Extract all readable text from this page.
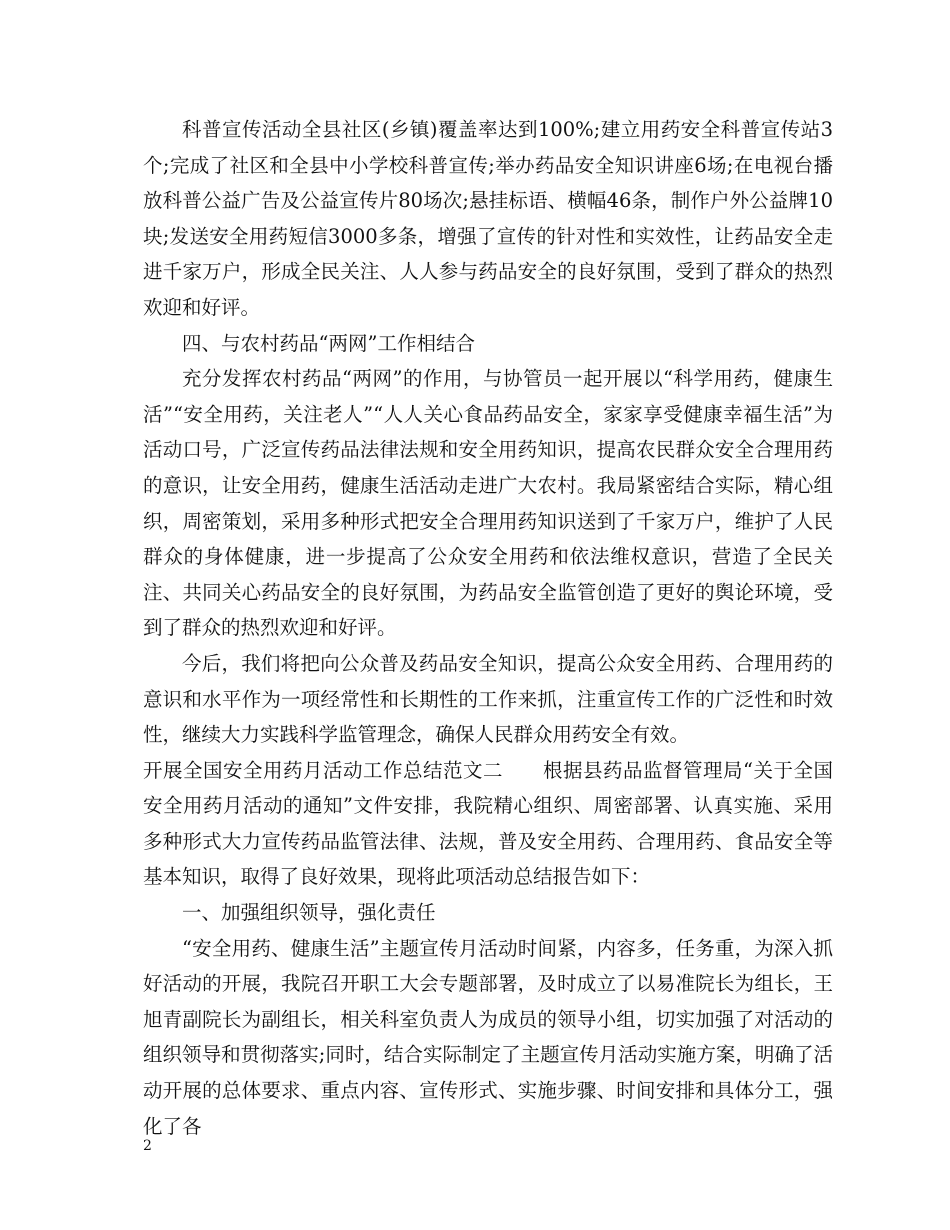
科普宣传活动全县社区(乡镇)覆盖率达到100%;建立用药安全科普宣传站3个;完成了社区和全县中小学校科普宣传;举办药品安全知识讲座6场;在电视台播放科普公益广告及公益宣传片80场次;悬挂标语、横幅46条，制作户外公益牌10块;发送安全用药短信3000多条，增强了宣传的针对性和实效性，让药品安全走进千家万户，形成全民关注、人人参与药品安全的良好氛围，受到了群众的热烈欢迎和好评。

四、与农村药品“两网”工作相结合

充分发挥农村药品“两网”的作用，与协管员一起开展以“科学用药，健康生活”“安全用药，关注老人”“人人关心食品药品安全，家家享受健康幸福生活”为活动口号，广泛宣传药品法律法规和安全用药知识，提高农民群众安全合理用药的意识，让安全用药，健康生活活动走进广大农村。我局紧密结合实际，精心组织，周密策划，采用多种形式把安全合理用药知识送到了千家万户，维护了人民群众的身体健康，进一步提高了公众安全用药和依法维权意识，营造了全民关注、共同关心药品安全的良好氛围，为药品安全监管创造了更好的舆论环境，受到了群众的热烈欢迎和好评。

今后，我们将把向公众普及药品安全知识，提高公众安全用药、合理用药的意识和水平作为一项经常性和长期性的工作来抓，注重宣传工作的广泛性和时效性，继续大力实践科学监管理念，确保人民群众用药安全有效。

开展全国安全用药月活动工作总结范文二　　根据县药品监督管理局“关于全国安全用药月活动的通知”文件安排，我院精心组织、周密部署、认真实施、采用多种形式大力宣传药品监管法律、法规，普及安全用药、合理用药、食品安全等基本知识，取得了良好效果，现将此项活动总结报告如下：

一、加强组织领导，强化责任

“安全用药、健康生活”主题宣传月活动时间紧，内容多，任务重，为深入抓好活动的开展，我院召开职工大会专题部署，及时成立了以易准院长为组长，王旭青副院长为副组长，相关科室负责人为成员的领导小组，切实加强了对活动的组织领导和贯彻落实;同时，结合实际制定了主题宣传月活动实施方案，明确了活动开展的总体要求、重点内容、宣传形式、实施步骤、时间安排和具体分工，强化了各

2
